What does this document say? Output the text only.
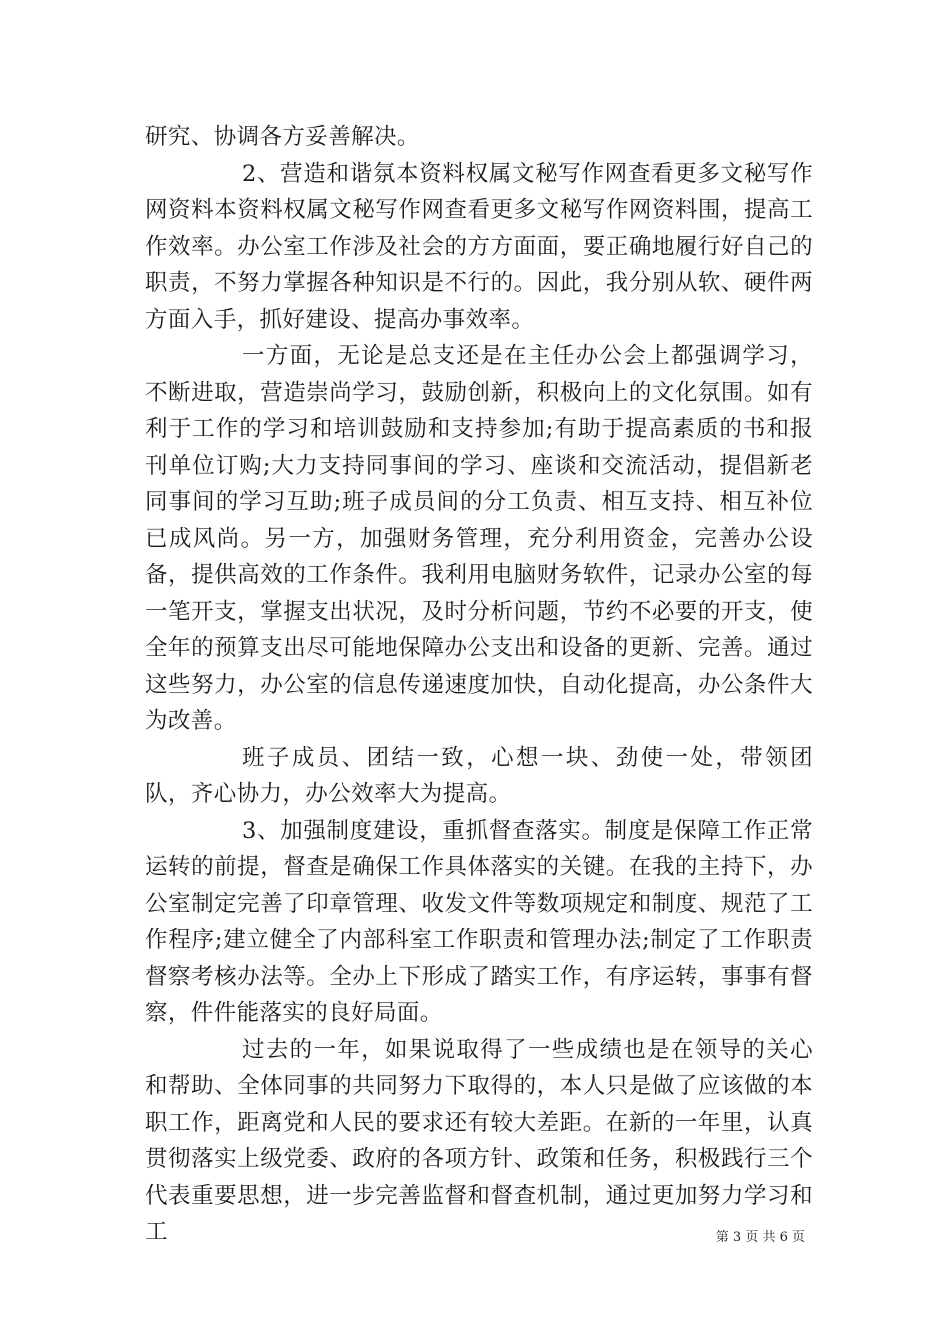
研究、协调各方妥善解决。

2、营造和谐氛本资料权属文秘写作网查看更多文秘写作网资料本资料权属文秘写作网查看更多文秘写作网资料围，提高工作效率。办公室工作涉及社会的方方面面，要正确地履行好自己的职责，不努力掌握各种知识是不行的。因此，我分别从软、硬件两方面入手，抓好建设、提高办事效率。

一方面，无论是总支还是在主任办公会上都强调学习，不断进取，营造崇尚学习，鼓励创新，积极向上的文化氛围。如有利于工作的学习和培训鼓励和支持参加;有助于提高素质的书和报刊单位订购;大力支持同事间的学习、座谈和交流活动，提倡新老同事间的学习互助;班子成员间的分工负责、相互支持、相互补位已成风尚。另一方，加强财务管理，充分利用资金，完善办公设备，提供高效的工作条件。我利用电脑财务软件，记录办公室的每一笔开支，掌握支出状况，及时分析问题，节约不必要的开支，使全年的预算支出尽可能地保障办公支出和设备的更新、完善。通过这些努力，办公室的信息传递速度加快，自动化提高，办公条件大为改善。

班子成员、团结一致，心想一块、劲使一处，带领团队，齐心协力，办公效率大为提高。

3、加强制度建设，重抓督查落实。制度是保障工作正常运转的前提，督查是确保工作具体落实的关键。在我的主持下，办公室制定完善了印章管理、收发文件等数项规定和制度、规范了工作程序;建立健全了内部科室工作职责和管理办法;制定了工作职责督察考核办法等。全办上下形成了踏实工作，有序运转，事事有督察，件件能落实的良好局面。

过去的一年，如果说取得了一些成绩也是在领导的关心和帮助、全体同事的共同努力下取得的，本人只是做了应该做的本职工作，距离党和人民的要求还有较大差距。在新的一年里，认真贯彻落实上级党委、政府的各项方针、政策和任务，积极践行三个代表重要思想，进一步完善监督和督查机制，通过更加努力学习和工	第 3 页 共 6 页
